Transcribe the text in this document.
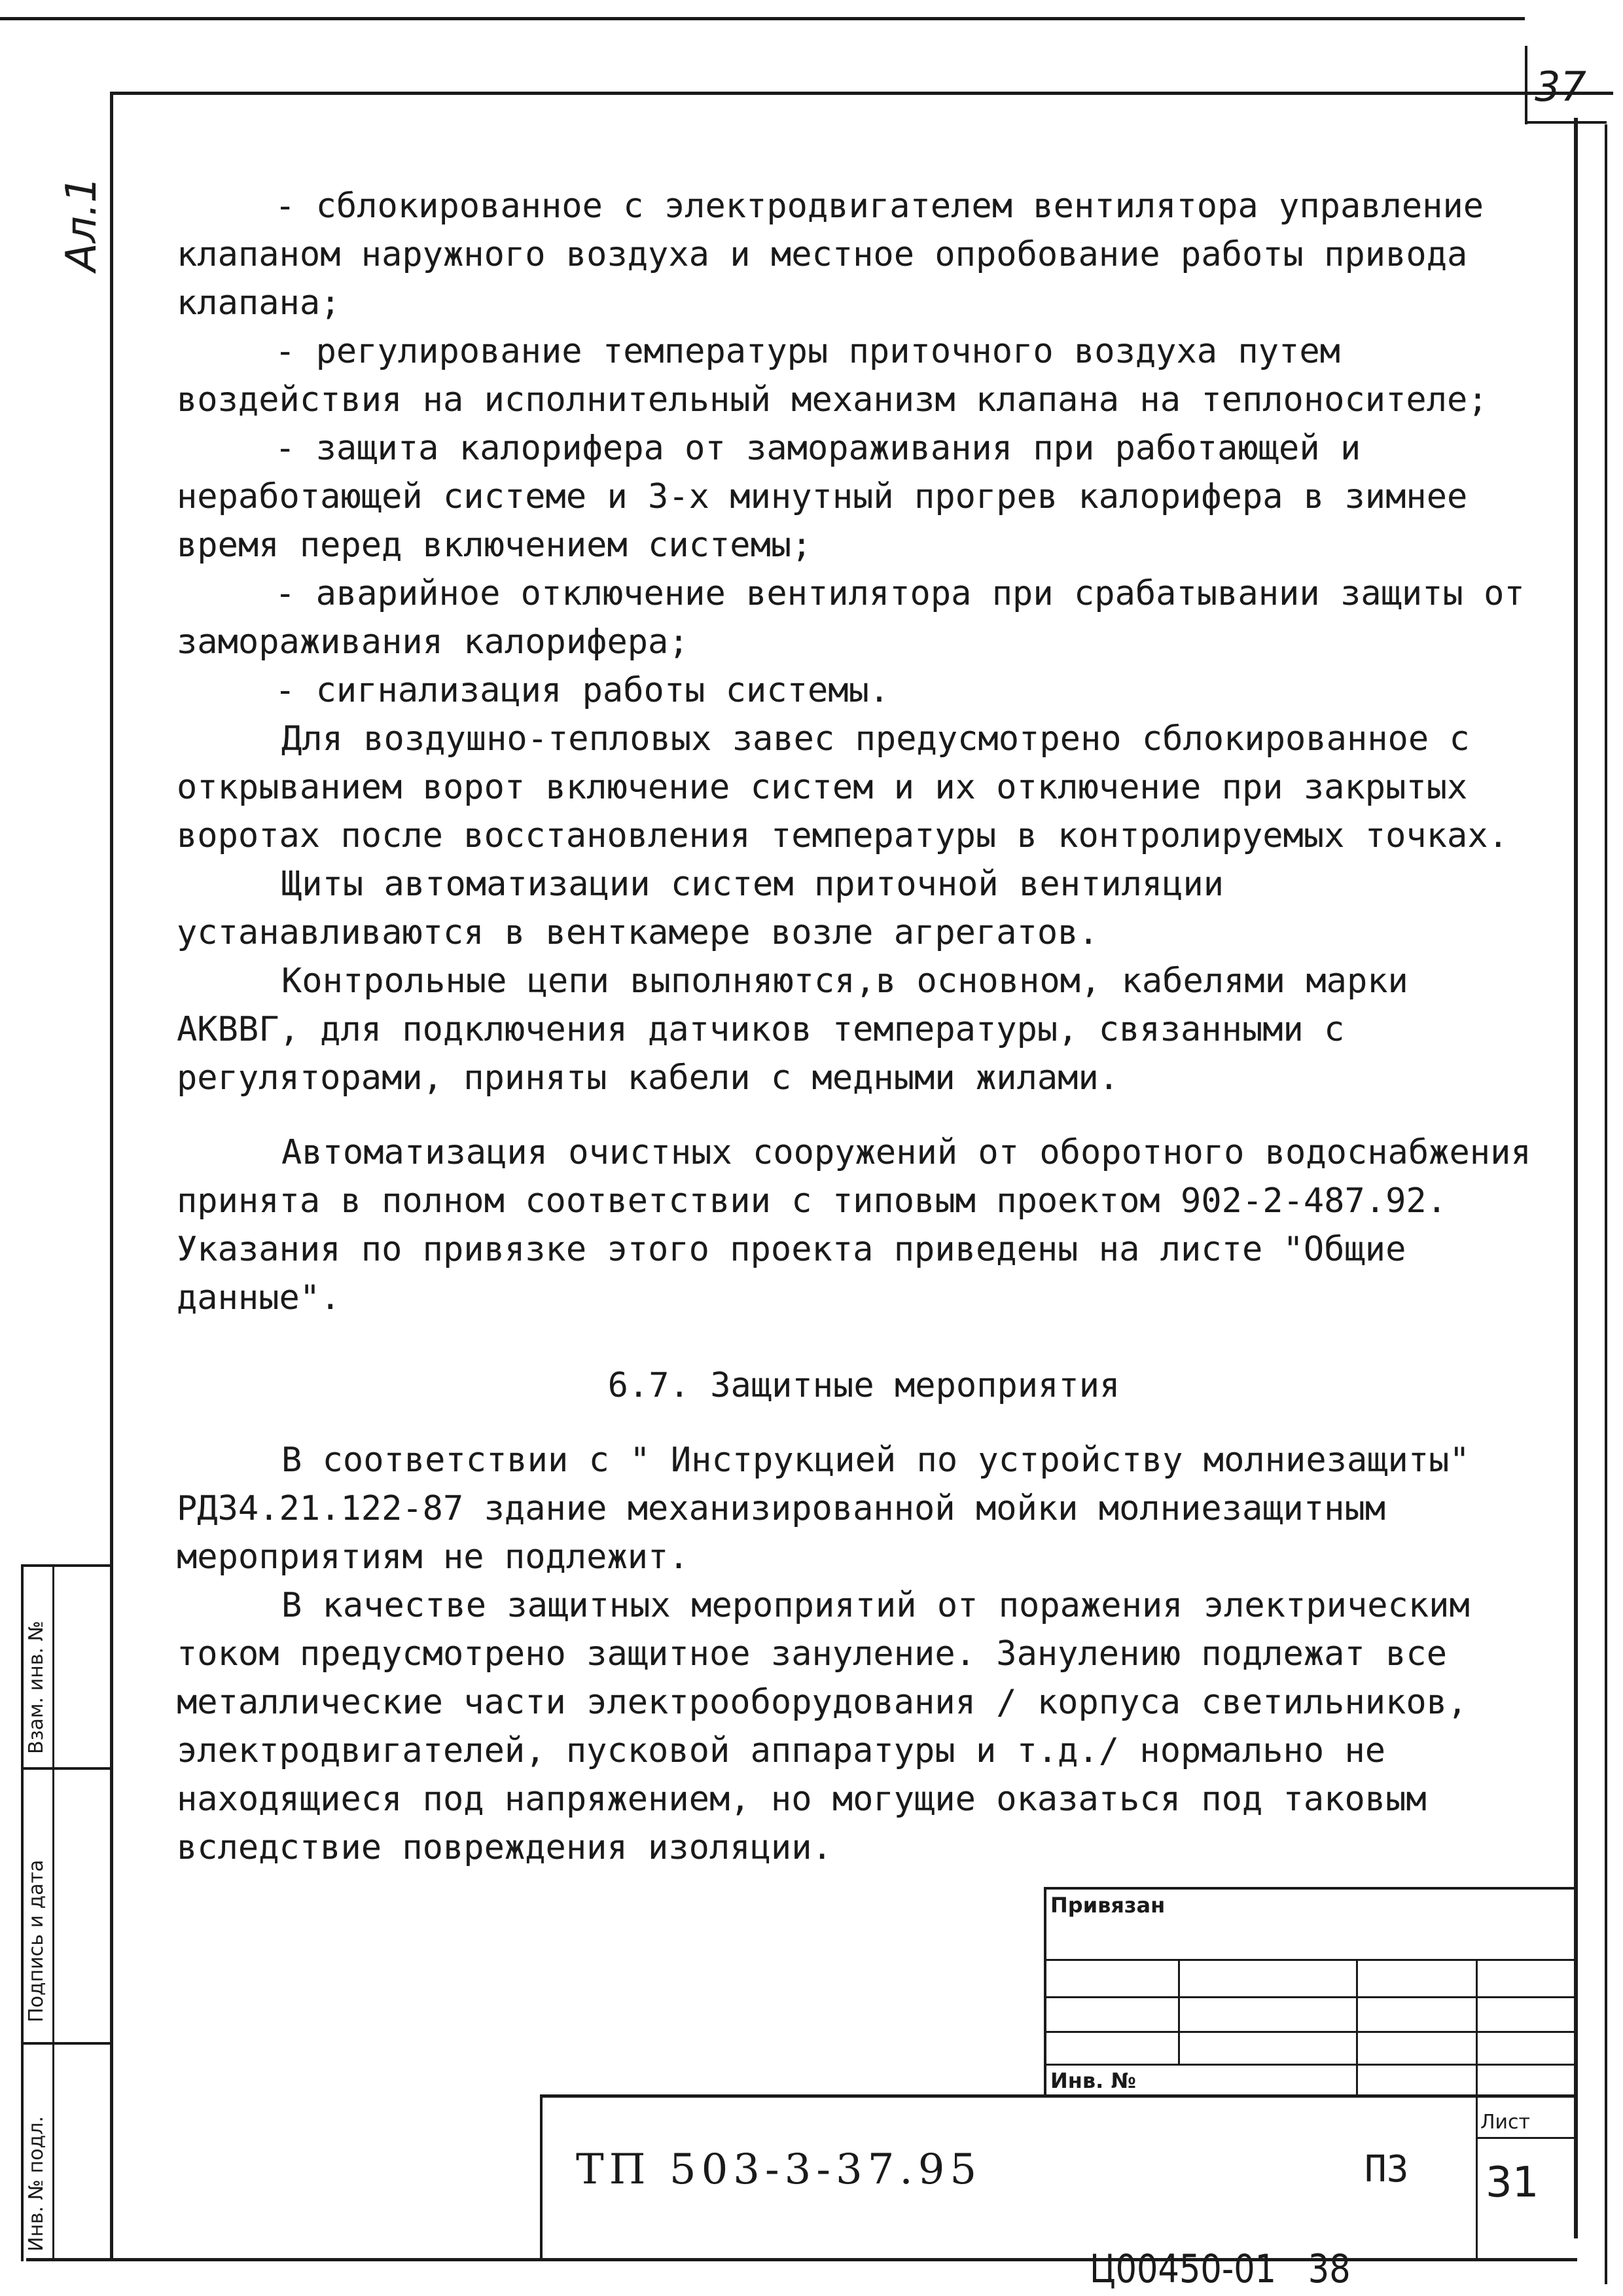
37
Ал.1	- сблокированное с электродвигателем вентилятора управление клапаном наружного воздуха и местное опробование работы привода клапана;

- регулирование температуры приточного воздуха путем воздействия на исполнительный механизм клапана на теплоносителе;

- защита калорифера от замораживания при работающей и неработающей системе и 3-х минутный прогрев калорифера в зимнее время перед включением системы;

- аварийное отключение вентилятора при срабатывании защиты от замораживания калорифера;

- сигнализация работы системы.

Для воздушно-тепловых завес предусмотрено сблокированное с открыванием ворот включение систем и их отключение при закрытых воротах после восстановления температуры в контролируемых точках.

Щиты автоматизации систем приточной вентиляции устанавливаются в венткамере возле агрегатов.

Контрольные цепи выполняются,в основном, кабелями марки АКВВГ, для подключения датчиков температуры, связанными с регуляторами, приняты кабели с медными жилами.

Автоматизация очистных сооружений от оборотного водоснабжения принята в полном соответствии с типовым проектом 902-2-487.92. Указания по привязке этого проекта приведены на листе "Общие данные".

6.7. Защитные мероприятия

В соответствии с " Инструкцией по устройству молниезащиты" РД34.21.122-87 здание механизированной мойки молниезащитным мероприятиям не подлежит.

В качестве защитных мероприятий от поражения электрическим током предусмотрено защитное зануление. Занулению подлежат все металлические части электрооборудования / корпуса светильников, электродвигателей, пусковой аппаратуры и т.д./ нормально не находящиеся под напряжением, но могущие оказаться под таковым вследствие повреждения изоляции.

Взам. инв. №
Подпись и дата
Инв. № подл.
Привязан
Инв. №
ТП 503-3-37.95	ПЗ
Лист
31
Ц00450-01   38
